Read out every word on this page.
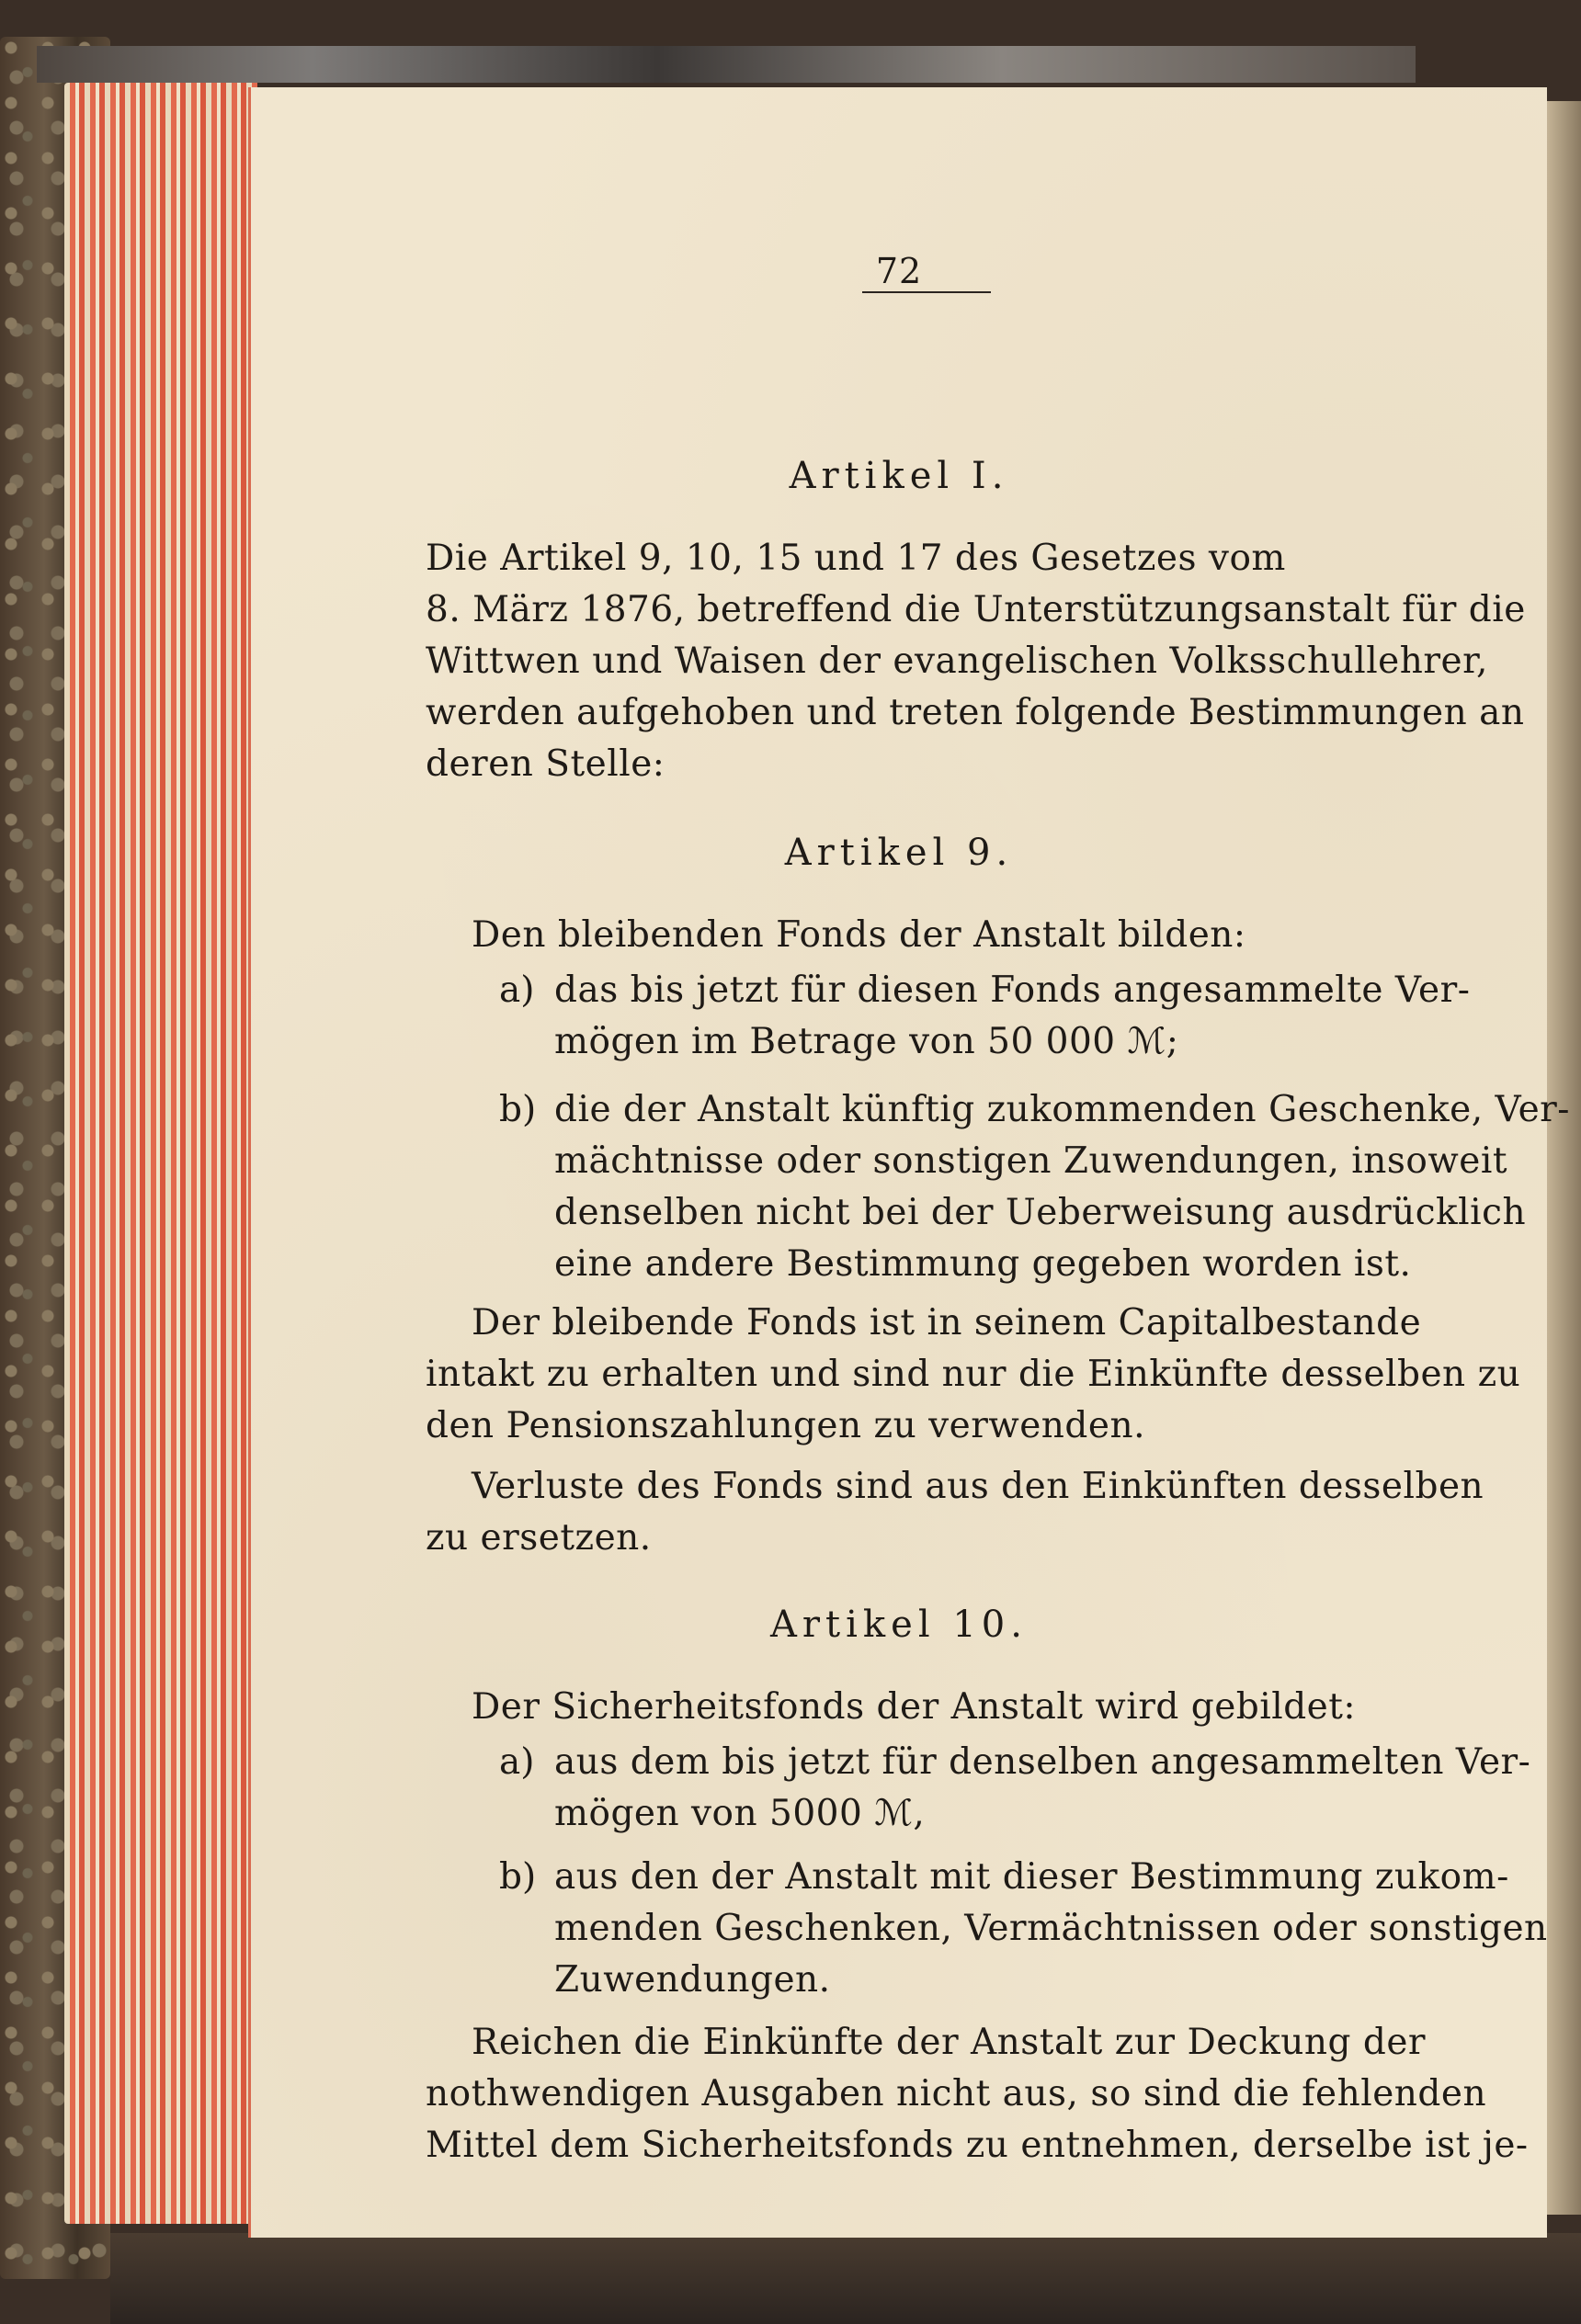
72
Artikel I.
Die Artikel 9, 10, 15 und 17 des Gesetzes vom
8. März 1876, betreffend die Unterstützungsanstalt für die
Wittwen und Waisen der evangelischen Volksschullehrer,
werden aufgehoben und treten folgende Bestimmungen an
deren Stelle:
Artikel 9.
Den bleibenden Fonds der Anstalt bilden:
a) das bis jetzt für diesen Fonds angesammelte Ver-
mögen im Betrage von 50 000 ℳ;
b) die der Anstalt künftig zukommenden Geschenke, Ver-
mächtnisse oder sonstigen Zuwendungen, insoweit
denselben nicht bei der Ueberweisung ausdrücklich
eine andere Bestimmung gegeben worden ist.
Der bleibende Fonds ist in seinem Capitalbestande
intakt zu erhalten und sind nur die Einkünfte desselben zu
den Pensionszahlungen zu verwenden.
Verluste des Fonds sind aus den Einkünften desselben
zu ersetzen.
Artikel 10.
Der Sicherheitsfonds der Anstalt wird gebildet:
a) aus dem bis jetzt für denselben angesammelten Ver-
mögen von 5000 ℳ,
b) aus den der Anstalt mit dieser Bestimmung zukom-
menden Geschenken, Vermächtnissen oder sonstigen
Zuwendungen.
Reichen die Einkünfte der Anstalt zur Deckung der
nothwendigen Ausgaben nicht aus, so sind die fehlenden
Mittel dem Sicherheitsfonds zu entnehmen, derselbe ist je-
